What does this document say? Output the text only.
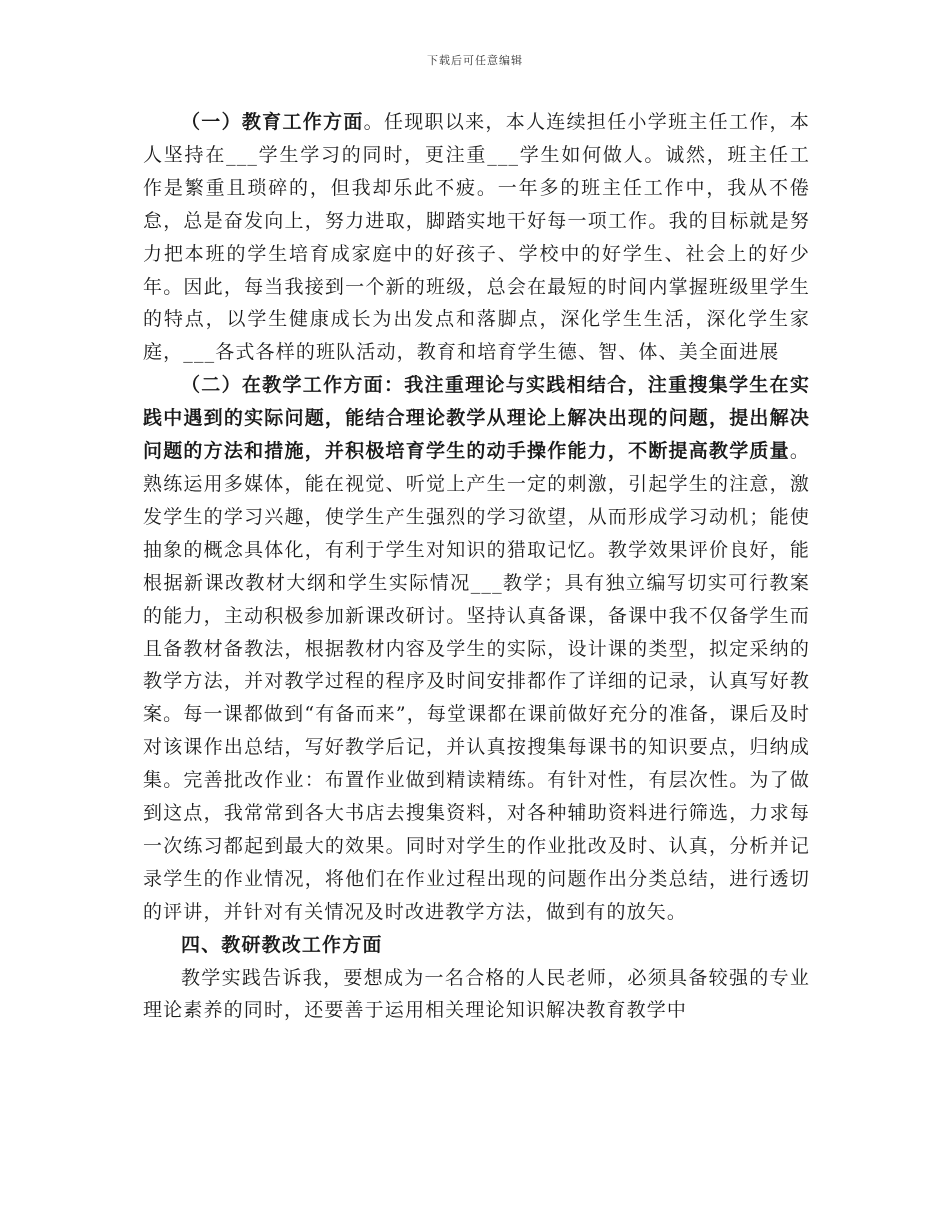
下载后可任意编辑

（一）教育工作方面。任现职以来，本人连续担任小学班主任工作，本人坚持在___学生学习的同时，更注重___学生如何做人。诚然，班主任工作是繁重且琐碎的，但我却乐此不疲。一年多的班主任工作中，我从不倦怠，总是奋发向上，努力进取，脚踏实地干好每一项工作。我的目标就是努力把本班的学生培育成家庭中的好孩子、学校中的好学生、社会上的好少年。因此，每当我接到一个新的班级，总会在最短的时间内掌握班级里学生的特点，以学生健康成长为出发点和落脚点，深化学生生活，深化学生家庭，___各式各样的班队活动，教育和培育学生德、智、体、美全面进展

（二）在教学工作方面：我注重理论与实践相结合，注重搜集学生在实践中遇到的实际问题，能结合理论教学从理论上解决出现的问题，提出解决问题的方法和措施，并积极培育学生的动手操作能力，不断提高教学质量。熟练运用多媒体，能在视觉、听觉上产生一定的刺激，引起学生的注意，激发学生的学习兴趣，使学生产生强烈的学习欲望，从而形成学习动机；能使抽象的概念具体化，有利于学生对知识的猎取记忆。教学效果评价良好，能根据新课改教材大纲和学生实际情况___教学；具有独立编写切实可行教案的能力，主动积极参加新课改研讨。坚持认真备课，备课中我不仅备学生而且备教材备教法，根据教材内容及学生的实际，设计课的类型，拟定采纳的教学方法，并对教学过程的程序及时间安排都作了详细的记录，认真写好教案。每一课都做到“有备而来”，每堂课都在课前做好充分的准备，课后及时对该课作出总结，写好教学后记，并认真按搜集每课书的知识要点，归纳成集。完善批改作业：布置作业做到精读精练。有针对性，有层次性。为了做到这点，我常常到各大书店去搜集资料，对各种辅助资料进行筛选，力求每一次练习都起到最大的效果。同时对学生的作业批改及时、认真，分析并记录学生的作业情况，将他们在作业过程出现的问题作出分类总结，进行透切的评讲，并针对有关情况及时改进教学方法，做到有的放矢。

四、教研教改工作方面

教学实践告诉我，要想成为一名合格的人民老师，必须具备较强的专业理论素养的同时，还要善于运用相关理论知识解决教育教学中
